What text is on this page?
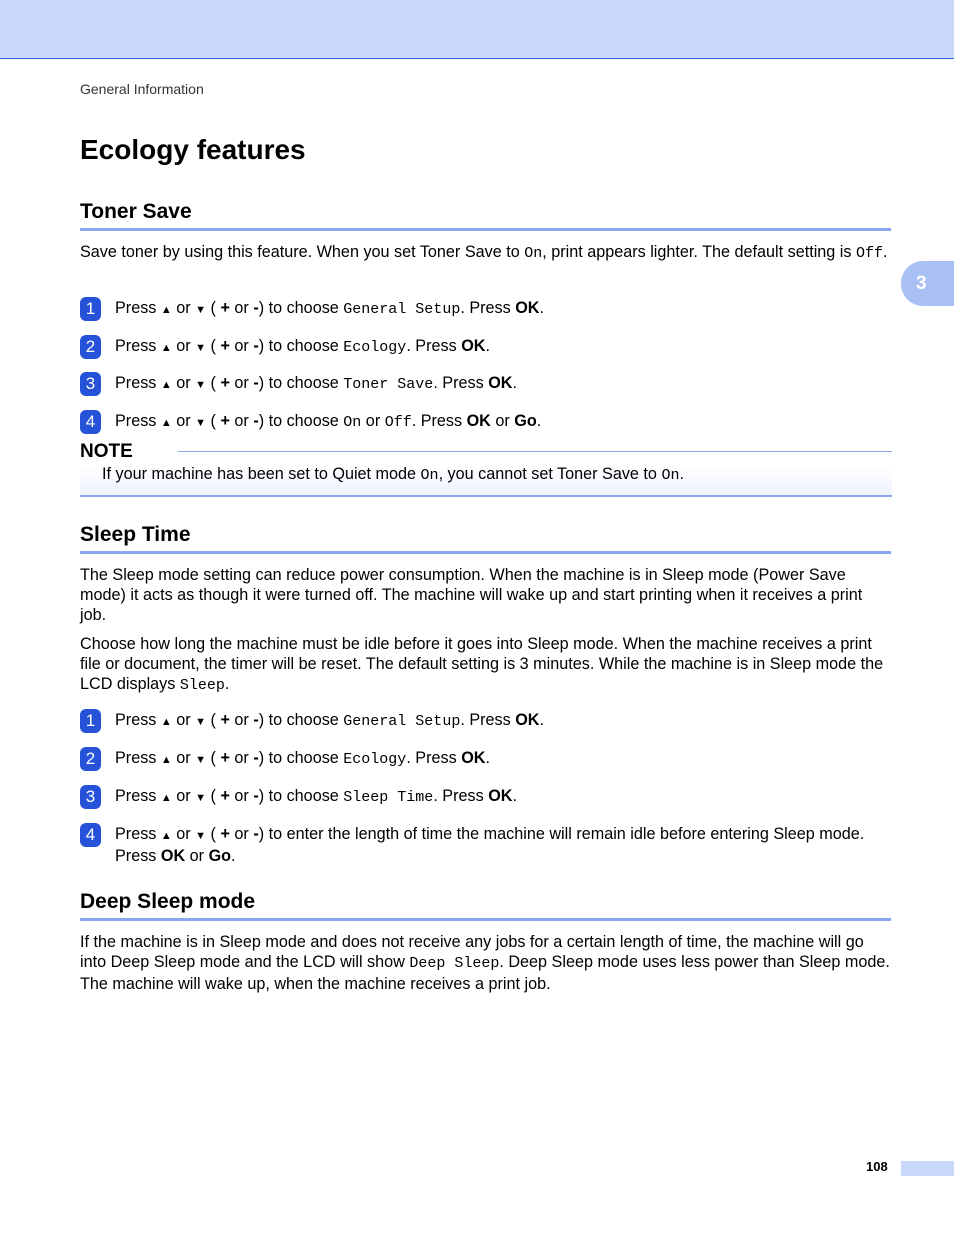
General Information
3
Ecology features
Toner Save

Save toner by using this feature. When you set Toner Save to On, print appears lighter. The default setting is Off.

1	Press ▲ or ▼ ( + or -) to choose General Setup. Press OK.
2	Press ▲ or ▼ ( + or -) to choose Ecology. Press OK.
3	Press ▲ or ▼ ( + or -) to choose Toner Save. Press OK.
4	Press ▲ or ▼ ( + or -) to choose On or Off. Press OK or Go.
NOTE
If your machine has been set to Quiet mode On, you cannot set Toner Save to On.
Sleep Time

The Sleep mode setting can reduce power consumption. When the machine is in Sleep mode (Power Save mode) it acts as though it were turned off. The machine will wake up and start printing when it receives a print job.

Choose how long the machine must be idle before it goes into Sleep mode. When the machine receives a print file or document, the timer will be reset. The default setting is 3 minutes. While the machine is in Sleep mode the LCD displays Sleep.

1	Press ▲ or ▼ ( + or -) to choose General Setup. Press OK.
2	Press ▲ or ▼ ( + or -) to choose Ecology. Press OK.
3	Press ▲ or ▼ ( + or -) to choose Sleep Time. Press OK.
4	Press ▲ or ▼ ( + or -) to enter the length of time the machine will remain idle before entering Sleep mode. Press OK or Go.
Deep Sleep mode

If the machine is in Sleep mode and does not receive any jobs for a certain length of time, the machine will go into Deep Sleep mode and the LCD will show Deep Sleep. Deep Sleep mode uses less power than Sleep mode. The machine will wake up, when the machine receives a print job.

108
